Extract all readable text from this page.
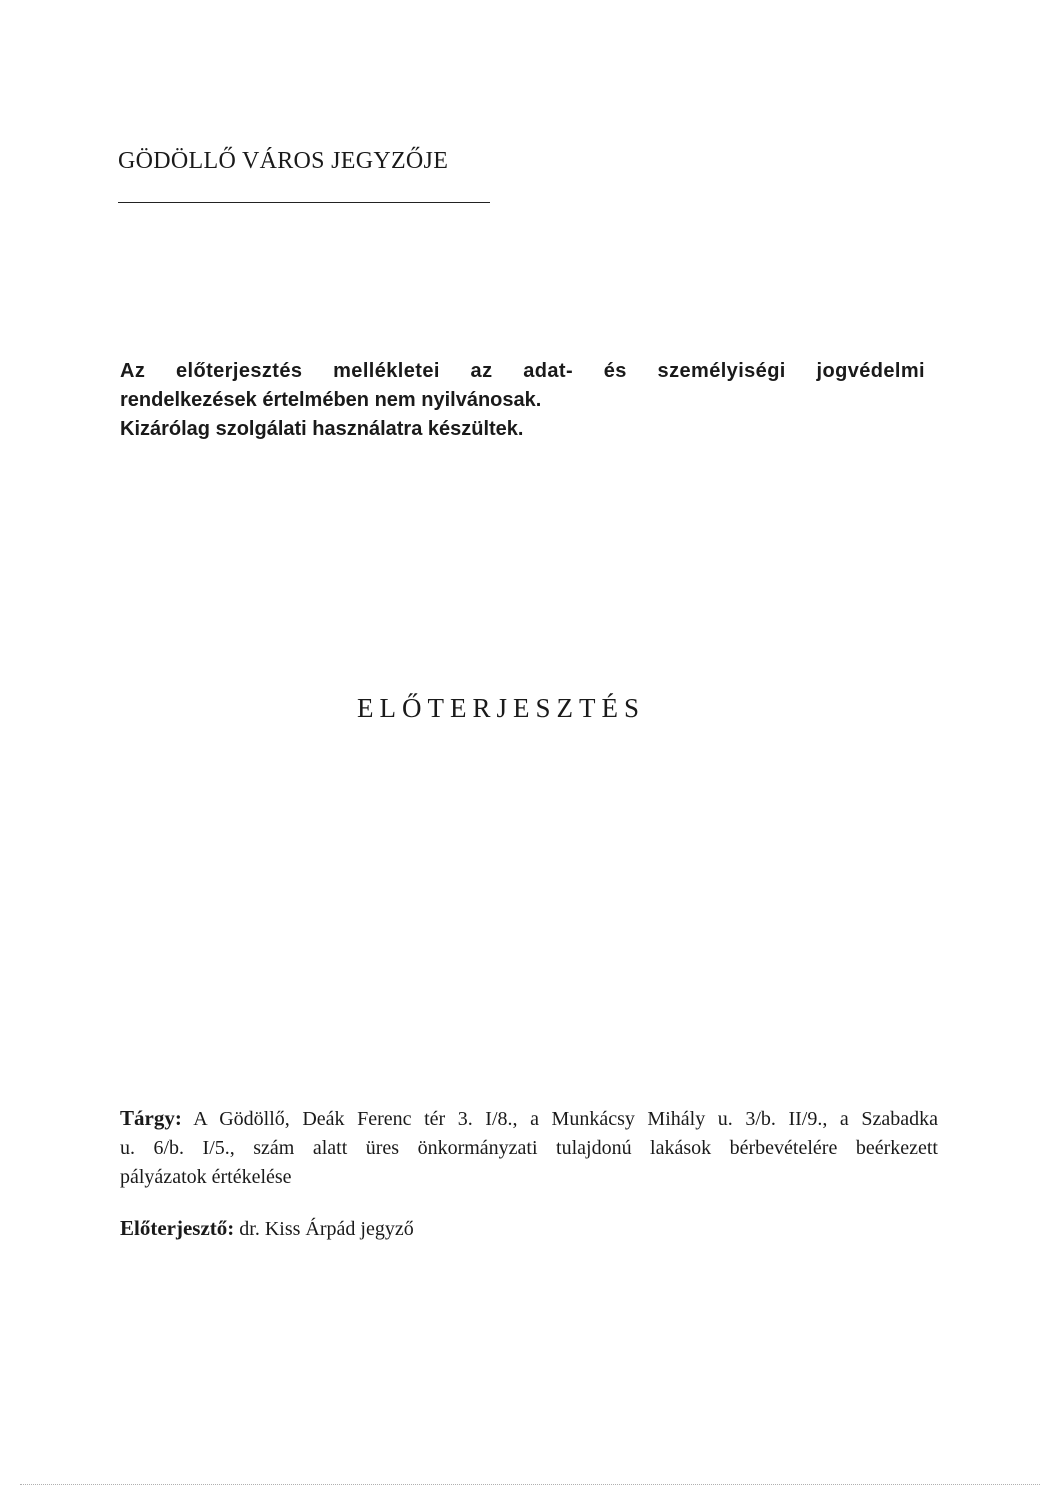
GÖDÖLLŐ VÁROS JEGYZŐJE
Az előterjesztés mellékletei az adat- és személyiségi jogvédelmi
rendelkezések értelmében nem nyilvánosak.
Kizárólag szolgálati használatra készültek.
ELŐTERJESZTÉS
Tárgy: A Gödöllő, Deák Ferenc tér 3. I/8., a Munkácsy Mihály u. 3/b. II/9., a Szabadka
u. 6/b. I/5., szám alatt üres önkormányzati tulajdonú lakások bérbevételére beérkezett
pályázatok értékelése
Előterjesztő: dr. Kiss Árpád jegyző
